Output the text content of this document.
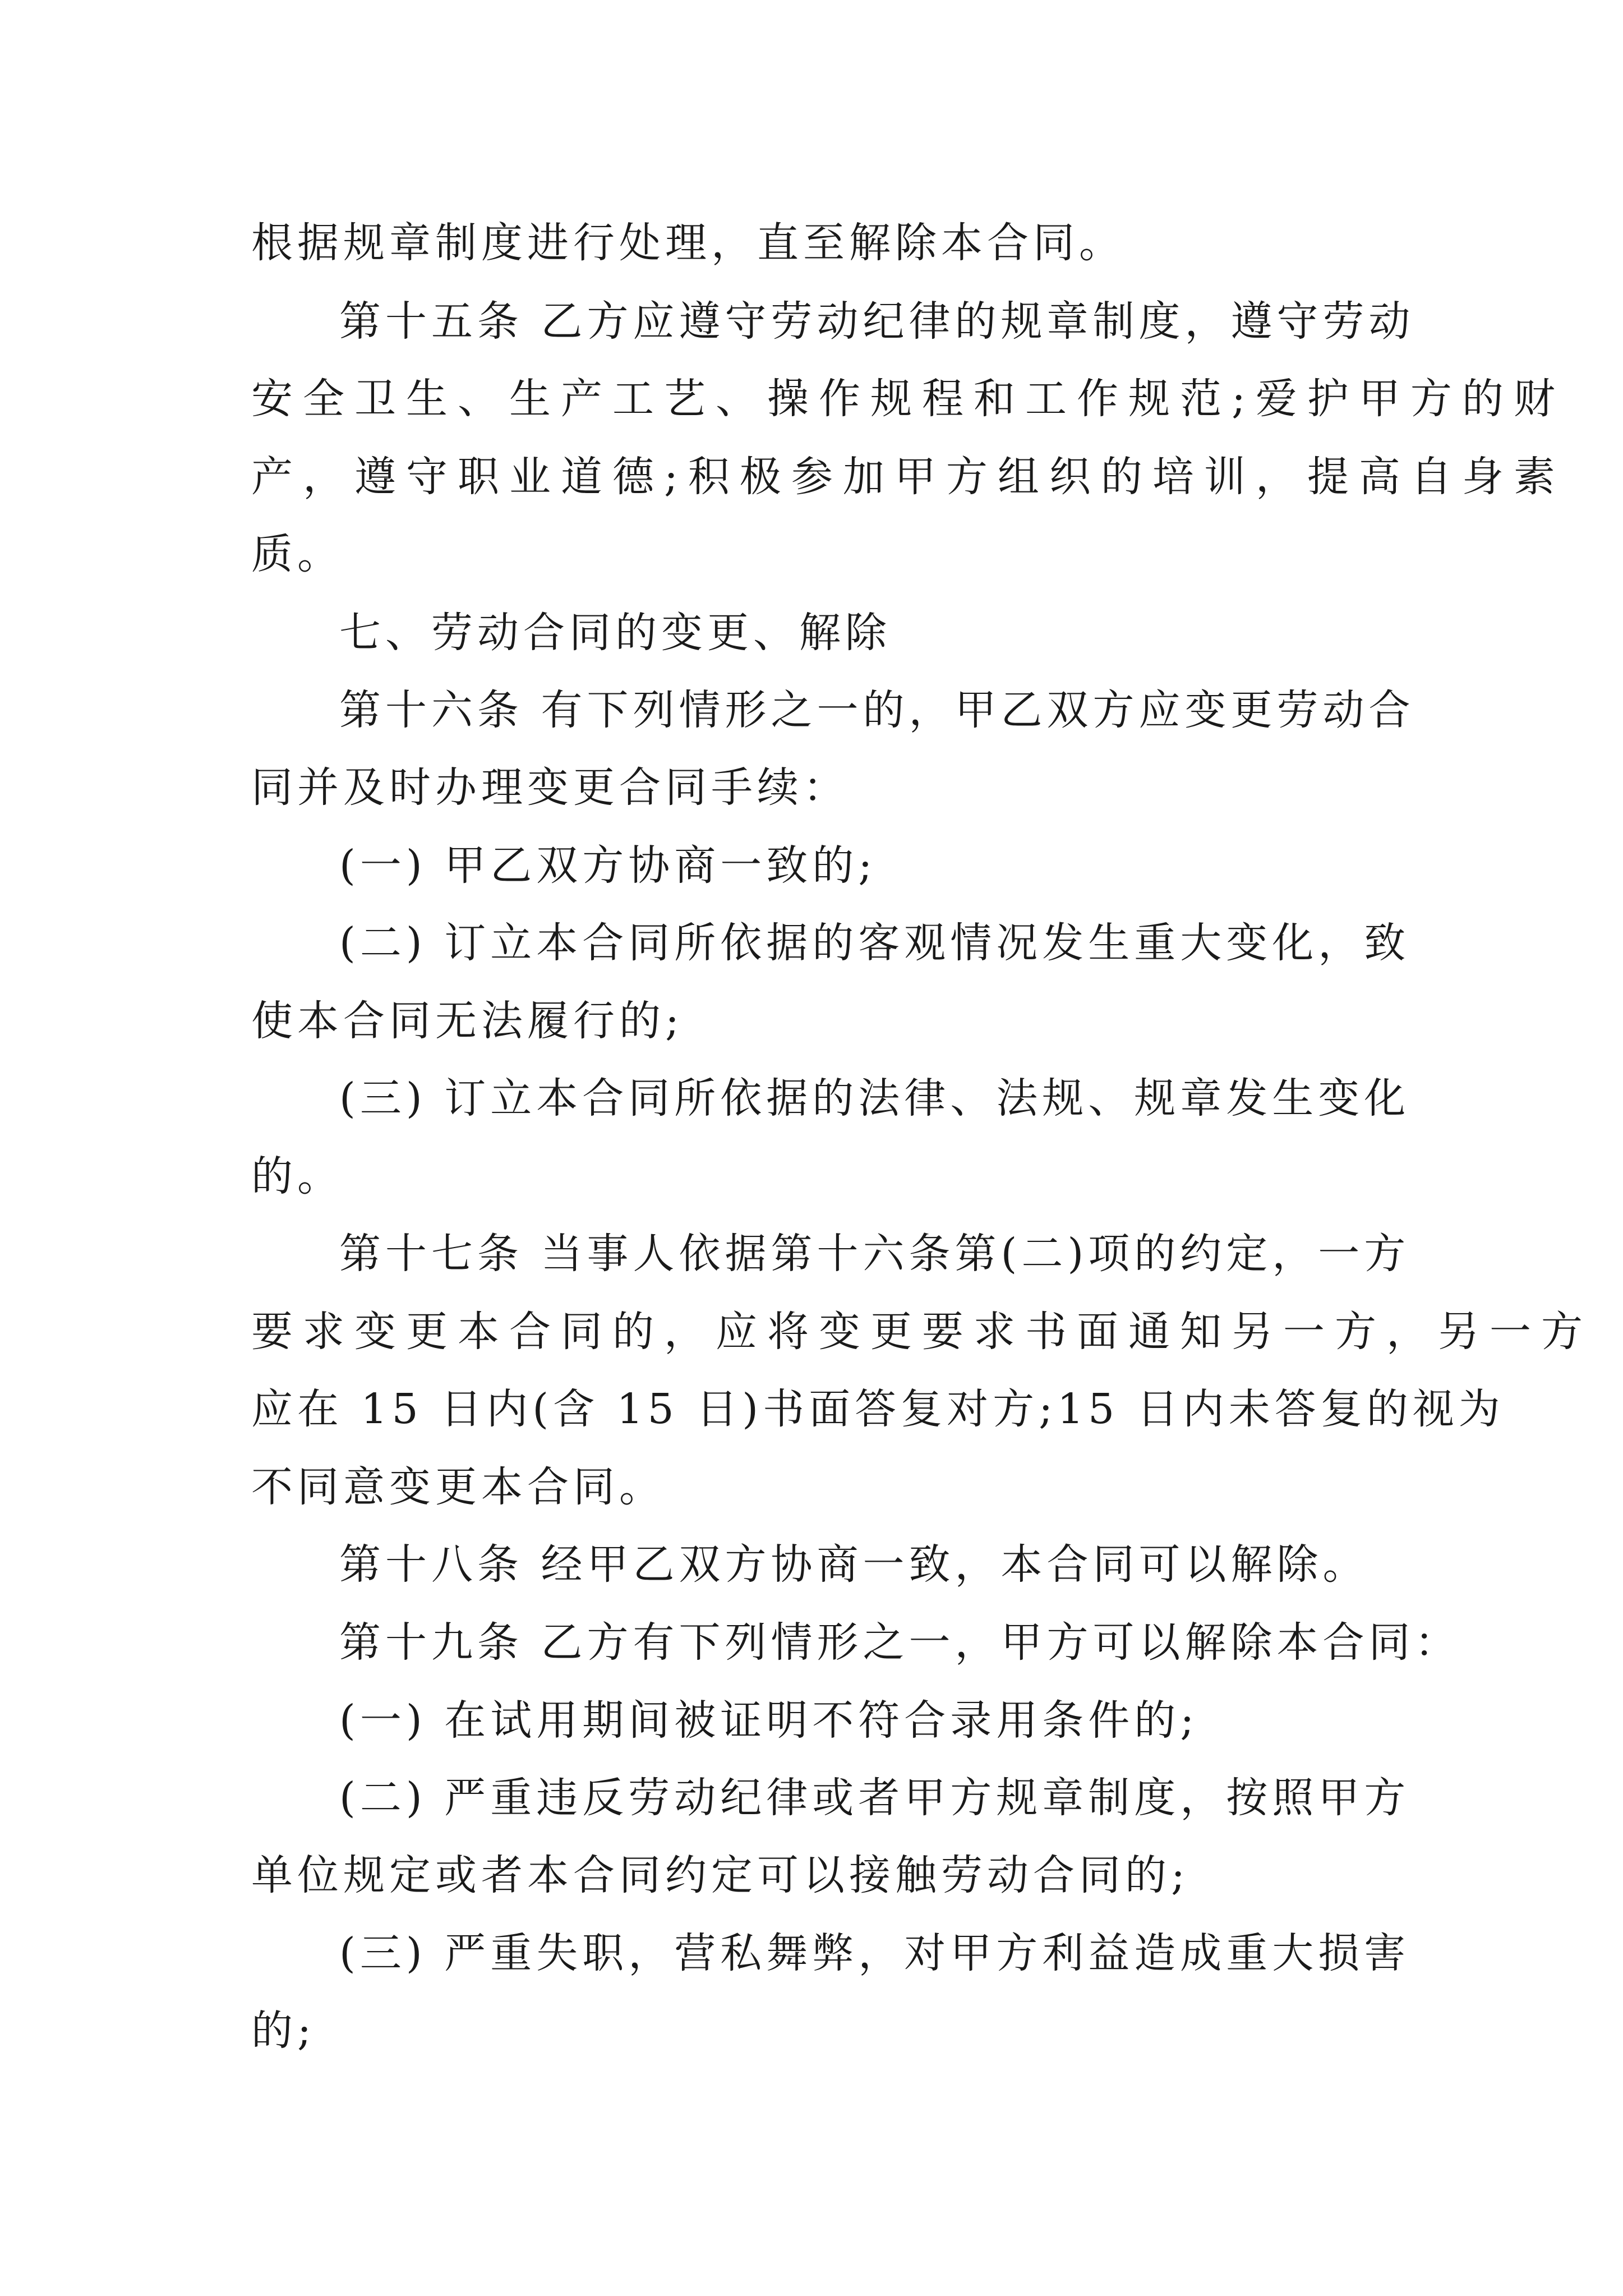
根据规章制度进行处理，直至解除本合同。

第十五条 乙方应遵守劳动纪律的规章制度，遵守劳动

安全卫生、生产工艺、操作规程和工作规范;爱护甲方的财

产，遵守职业道德;积极参加甲方组织的培训，提高自身素

质。

七、劳动合同的变更、解除

第十六条 有下列情形之一的，甲乙双方应变更劳动合

同并及时办理变更合同手续：

(一) 甲乙双方协商一致的;

(二) 订立本合同所依据的客观情况发生重大变化，致

使本合同无法履行的;

(三) 订立本合同所依据的法律、法规、规章发生变化

的。

第十七条 当事人依据第十六条第(二)项的约定，一方

要求变更本合同的，应将变更要求书面通知另一方，另一方

应在 15 日内(含 15 日)书面答复对方;15 日内未答复的视为

不同意变更本合同。

第十八条 经甲乙双方协商一致，本合同可以解除。

第十九条 乙方有下列情形之一，甲方可以解除本合同：

(一) 在试用期间被证明不符合录用条件的;

(二) 严重违反劳动纪律或者甲方规章制度，按照甲方

单位规定或者本合同约定可以接触劳动合同的;

(三) 严重失职，营私舞弊，对甲方利益造成重大损害

的;
